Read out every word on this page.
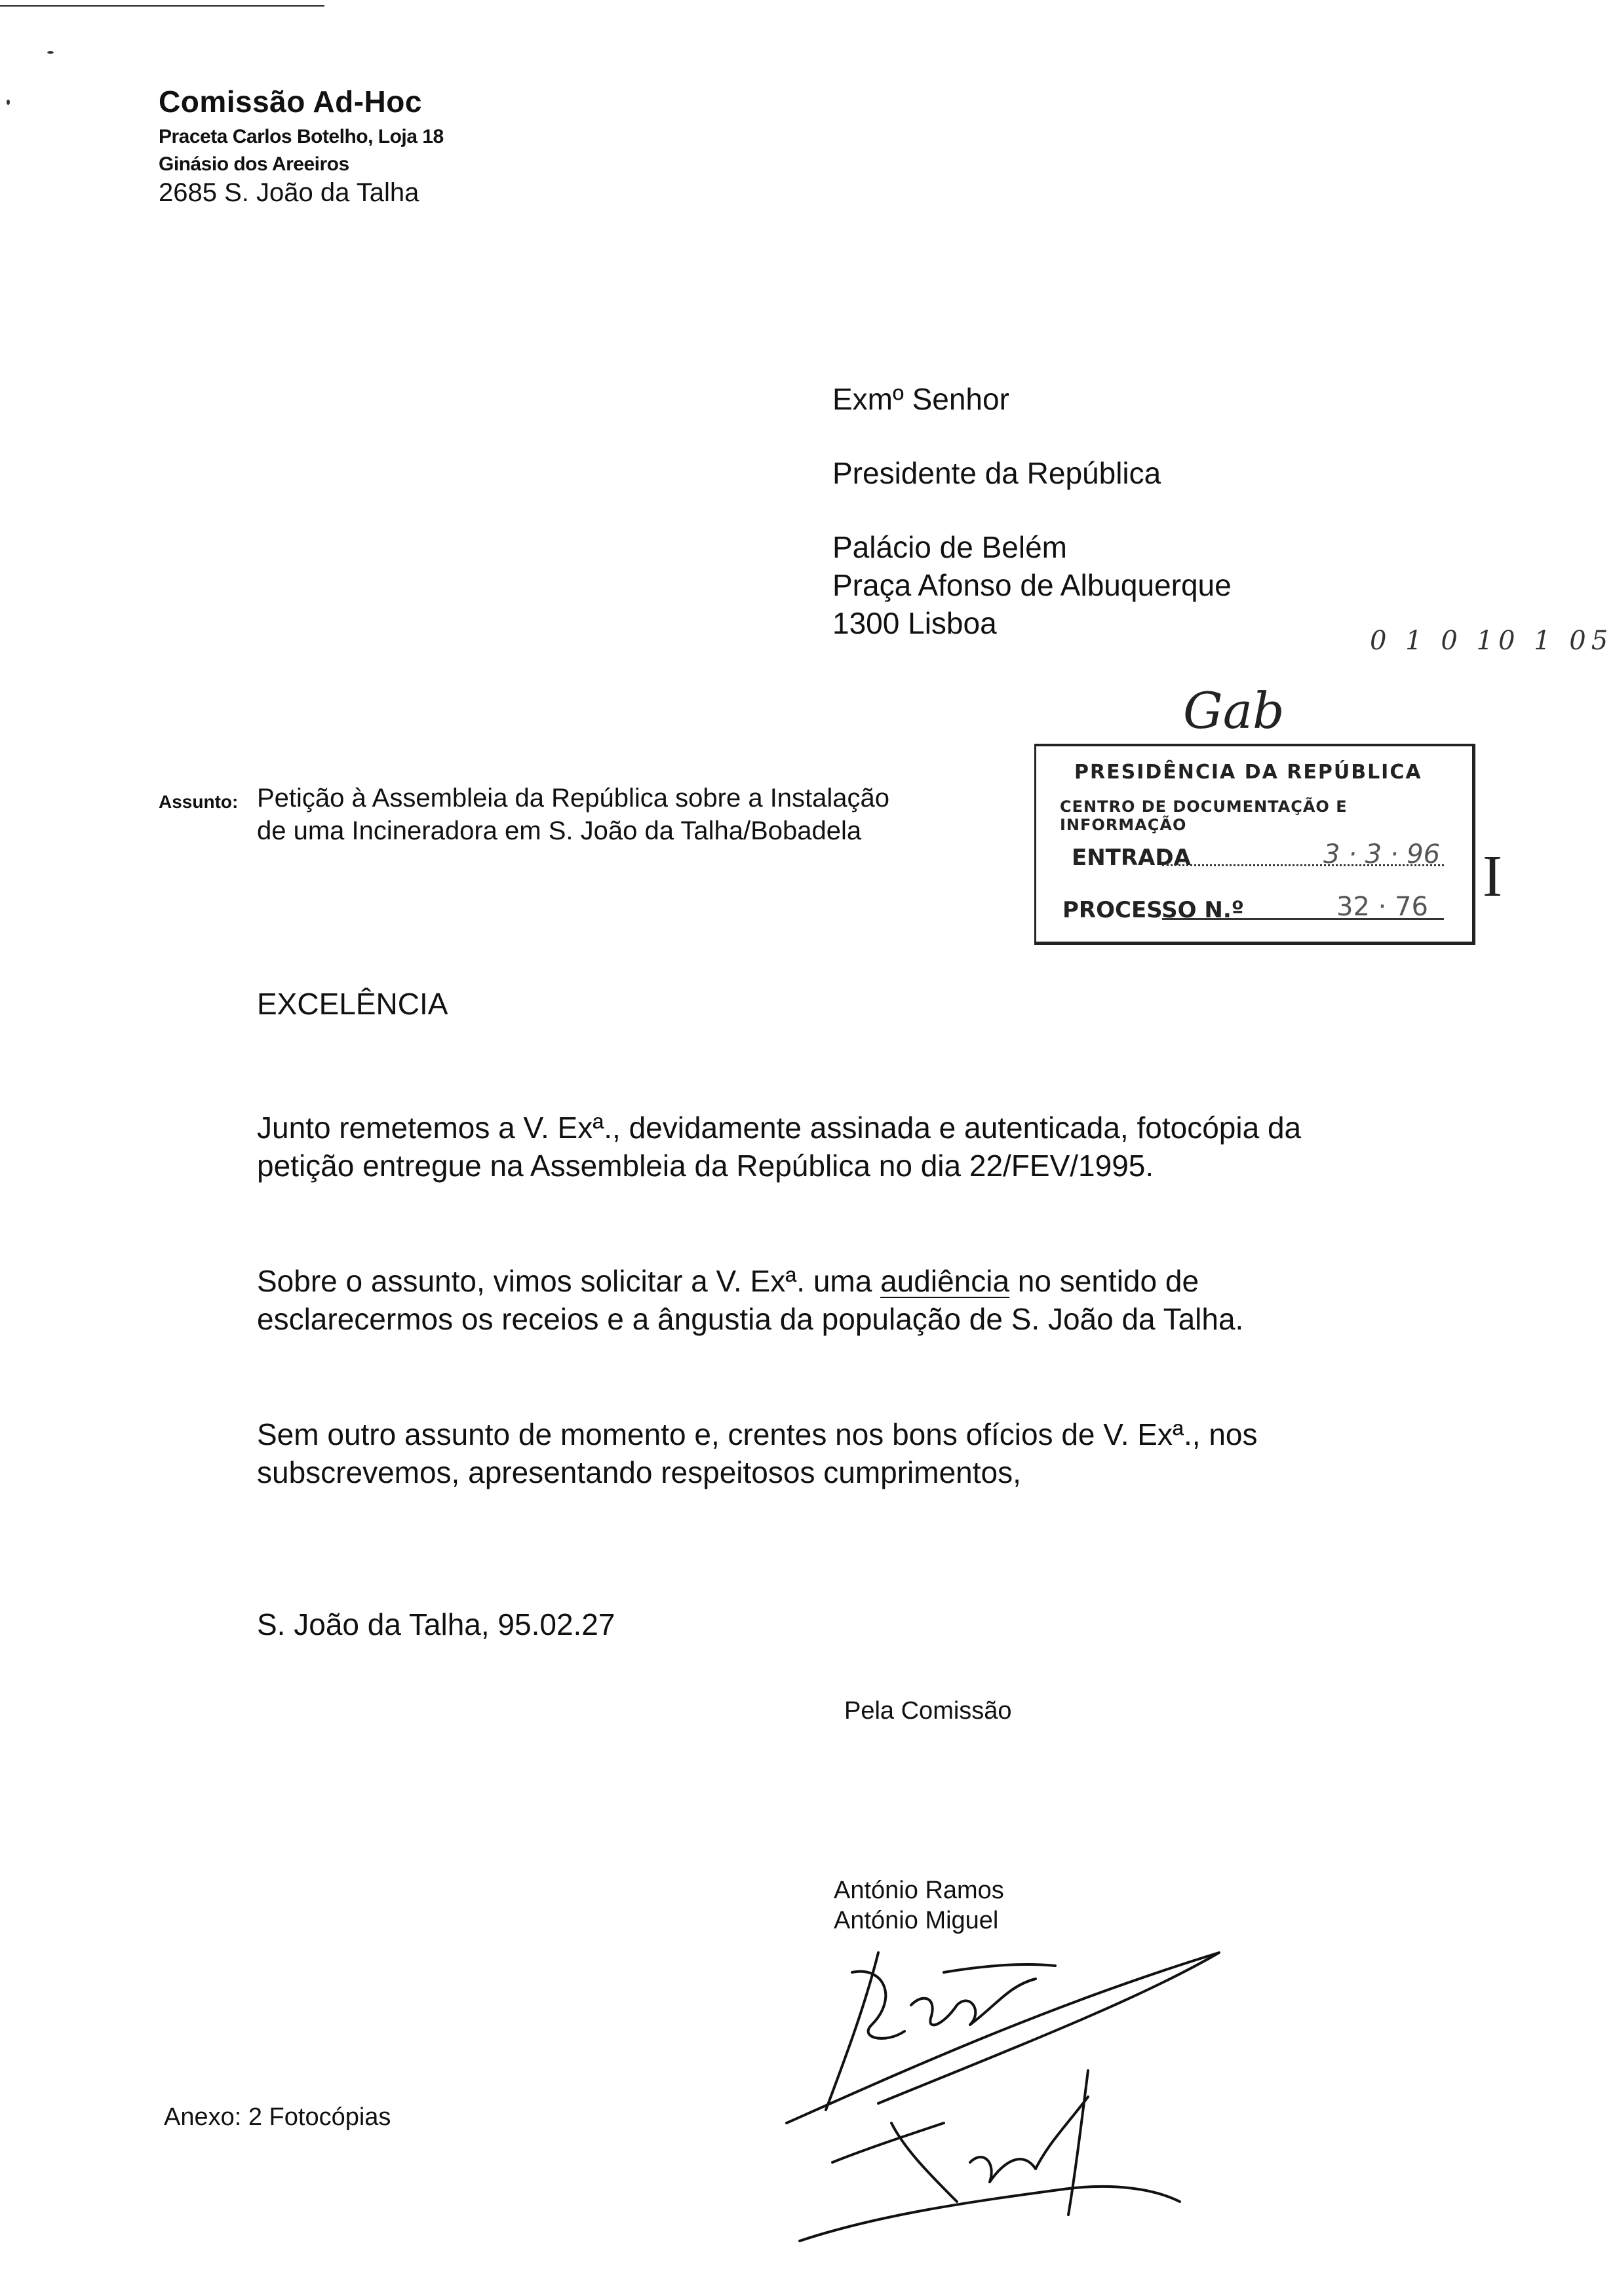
Comissão Ad-Hoc
Praceta Carlos Botelho, Loja 18
Ginásio dos Areeiros
2685 S. João da Talha
Exmº Senhor
Presidente da República
Palácio de Belém
Praça Afonso de Albuquerque
1300 Lisboa
0 1 0 10 1 05
Gab
Assunto: Petição à Assembleia da República sobre a Instalação
de uma Incineradora em S. João da Talha/Bobadela
PRESIDÊNCIA DA REPÚBLICA
CENTRO DE DOCUMENTAÇÃO E INFORMAÇÃO
ENTRADA	3 · 3 · 96
PROCESSO N.º	32 · 76 I
EXCELÊNCIA
Junto remetemos a V. Exª., devidamente assinada e autenticada, fotocópia da
petição entregue na Assembleia da República no dia 22/FEV/1995.
Sobre o assunto, vimos solicitar a V. Exª. uma audiência no sentido de
esclarecermos os receios e a ângustia da população de S. João da Talha.
Sem outro assunto de momento e, crentes nos bons ofícios de V. Exª., nos
subscrevemos, apresentando respeitosos cumprimentos,
S. João da Talha, 95.02.27
Pela Comissão
António Ramos
António Miguel
Anexo: 2 Fotocópias
